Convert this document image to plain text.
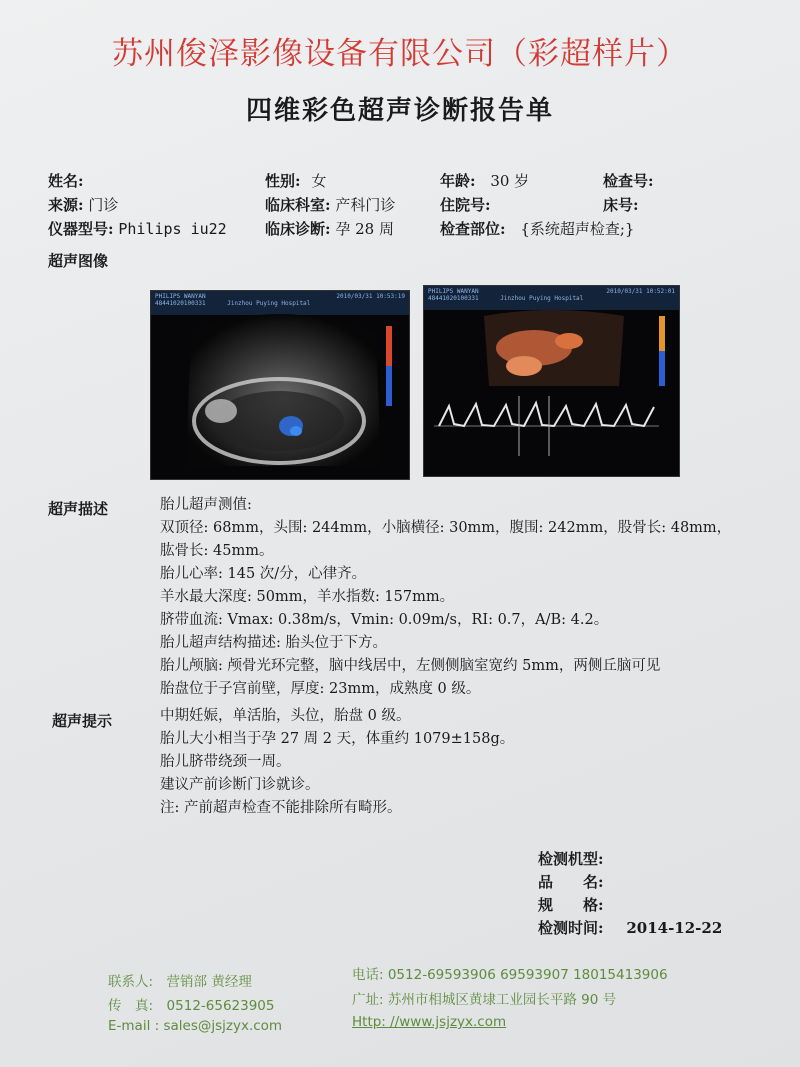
苏州俊泽影像设备有限公司（彩超样片）
四维彩色超声诊断报告单
姓名:	性别: 女	年龄: 30 岁	检查号:
来源: 门诊	临床科室: 产科门诊	住院号:	床号:
仪器型号: Philips iu22	临床诊断: 孕 28 周	检查部位: {系统超声检查;}
超声图像
PHILIPS WANYAN	2010/03/31 10:53:19

48441020100331	Jinzhou Puying Hospital
PHILIPS WANYAN	2010/03/31 10:52:01

48441020100331	Jinzhou Puying Hospital
超声描述	胎儿超声测值:
双顶径: 68mm，头围: 244mm，小脑横径: 30mm，腹围: 242mm，股骨长: 48mm，
肱骨长: 45mm。
胎儿心率: 145 次/分，心律齐。
羊水最大深度: 50mm，羊水指数: 157mm。
脐带血流: Vmax: 0.38m/s，Vmin: 0.09m/s，RI: 0.7，A/B: 4.2。
胎儿超声结构描述: 胎头位于下方。
胎儿颅脑: 颅骨光环完整，脑中线居中，左侧侧脑室宽约 5mm，两侧丘脑可见
胎盘位于子宫前壁，厚度: 23mm，成熟度 0 级。
超声提示	中期妊娠，单活胎，头位，胎盘 0 级。
胎儿大小相当于孕 27 周 2 天，体重约 1079±158g。
胎儿脐带绕颈一周。
建议产前诊断门诊就诊。
注: 产前超声检查不能排除所有畸形。
检测机型:
品　　名:
规　　格:
检测时间: 2014-12-22
联系人:　营销部 黄经理
传　真:　0512-65623905
E-mail : sales@jsjzyx.com
电话: 0512-69593906 69593907 18015413906
广址: 苏州市相城区黄埭工业园长平路 90 号
Http: //www.jsjzyx.com
